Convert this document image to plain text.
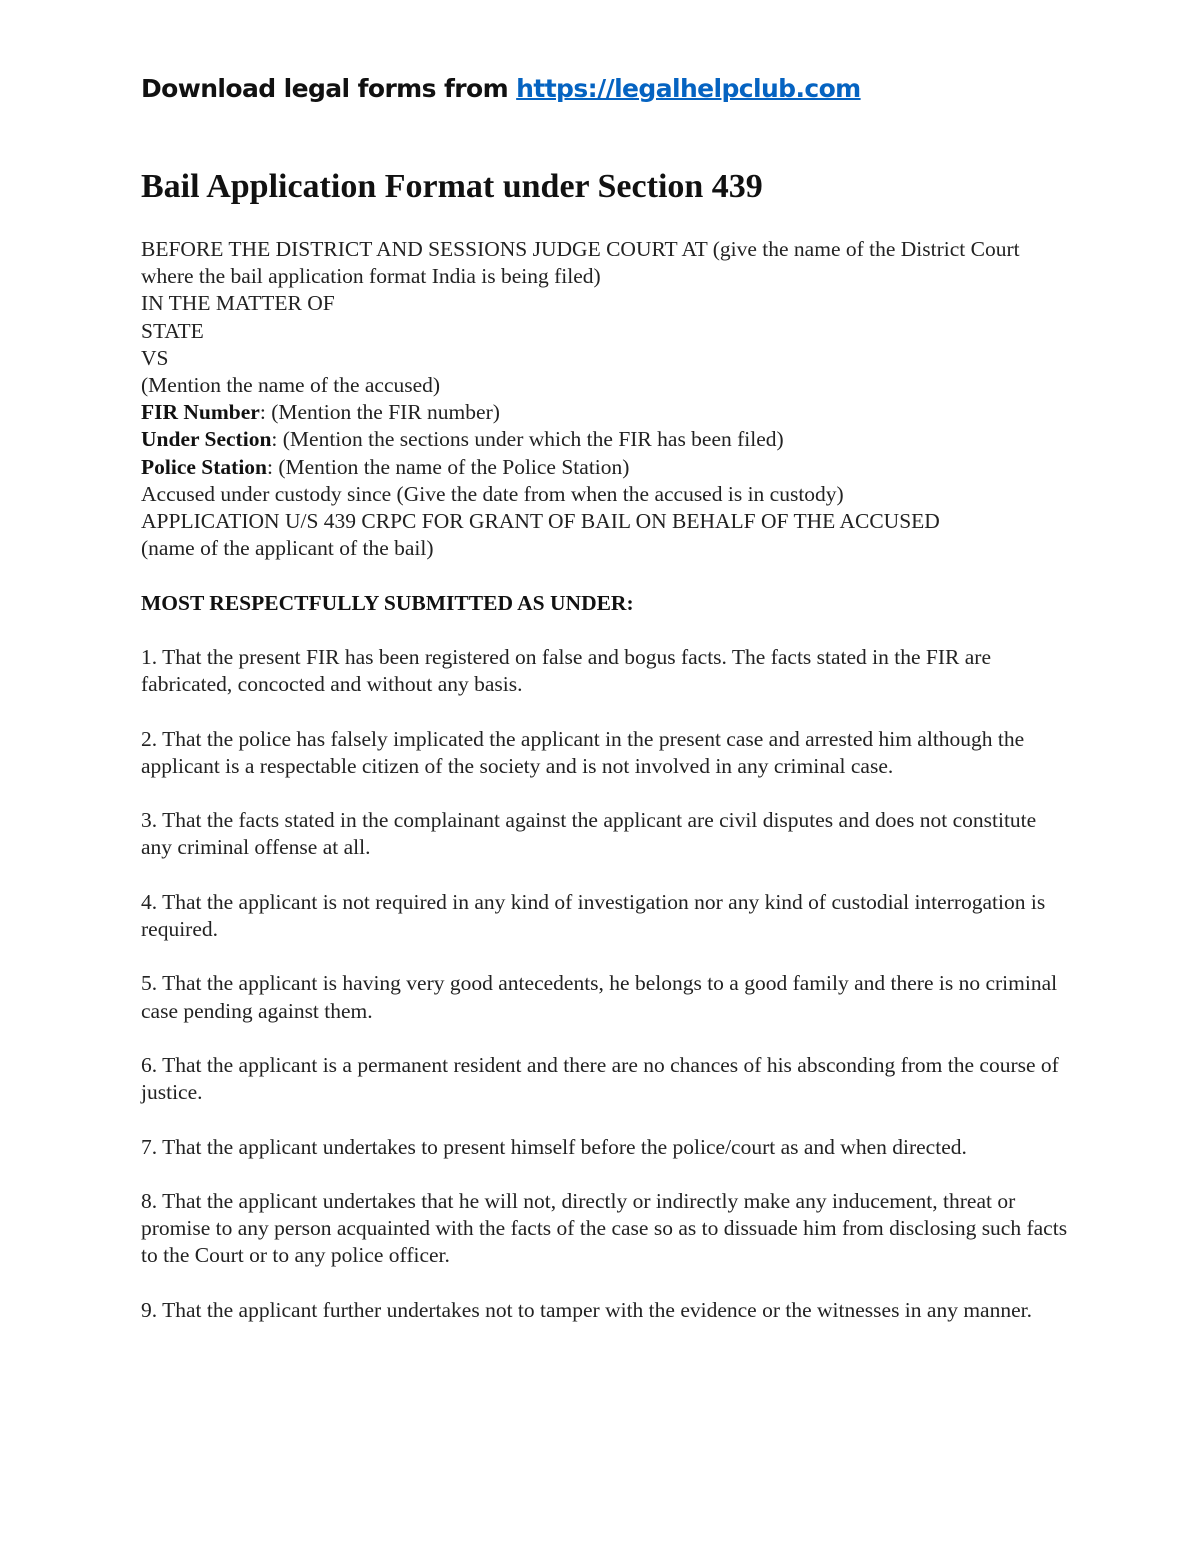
Download legal forms from https://legalhelpclub.com
Bail Application Format under Section 439
BEFORE THE DISTRICT AND SESSIONS JUDGE COURT AT (give the name of the District Court where the bail application format India is being filed)
IN THE MATTER OF
STATE
VS
(Mention the name of the accused)
FIR Number: (Mention the FIR number)
Under Section: (Mention the sections under which the FIR has been filed)
Police Station: (Mention the name of the Police Station)
Accused under custody since (Give the date from when the accused is in custody)
APPLICATION U/S 439 CRPC FOR GRANT OF BAIL ON BEHALF OF THE ACCUSED
(name of the applicant of the bail)
MOST RESPECTFULLY SUBMITTED AS UNDER:
1. That the present FIR has been registered on false and bogus facts. The facts stated in the FIR are fabricated, concocted and without any basis.
2. That the police has falsely implicated the applicant in the present case and arrested him although the applicant is a respectable citizen of the society and is not involved in any criminal case.
3. That the facts stated in the complainant against the applicant are civil disputes and does not constitute any criminal offense at all.
4. That the applicant is not required in any kind of investigation nor any kind of custodial interrogation is required.
5. That the applicant is having very good antecedents, he belongs to a good family and there is no criminal case pending against them.
6. That the applicant is a permanent resident and there are no chances of his absconding from the course of justice.
7. That the applicant undertakes to present himself before the police/court as and when directed.
8. That the applicant undertakes that he will not, directly or indirectly make any inducement, threat or promise to any person acquainted with the facts of the case so as to dissuade him from disclosing such facts to the Court or to any police officer.
9. That the applicant further undertakes not to tamper with the evidence or the witnesses in any manner.
